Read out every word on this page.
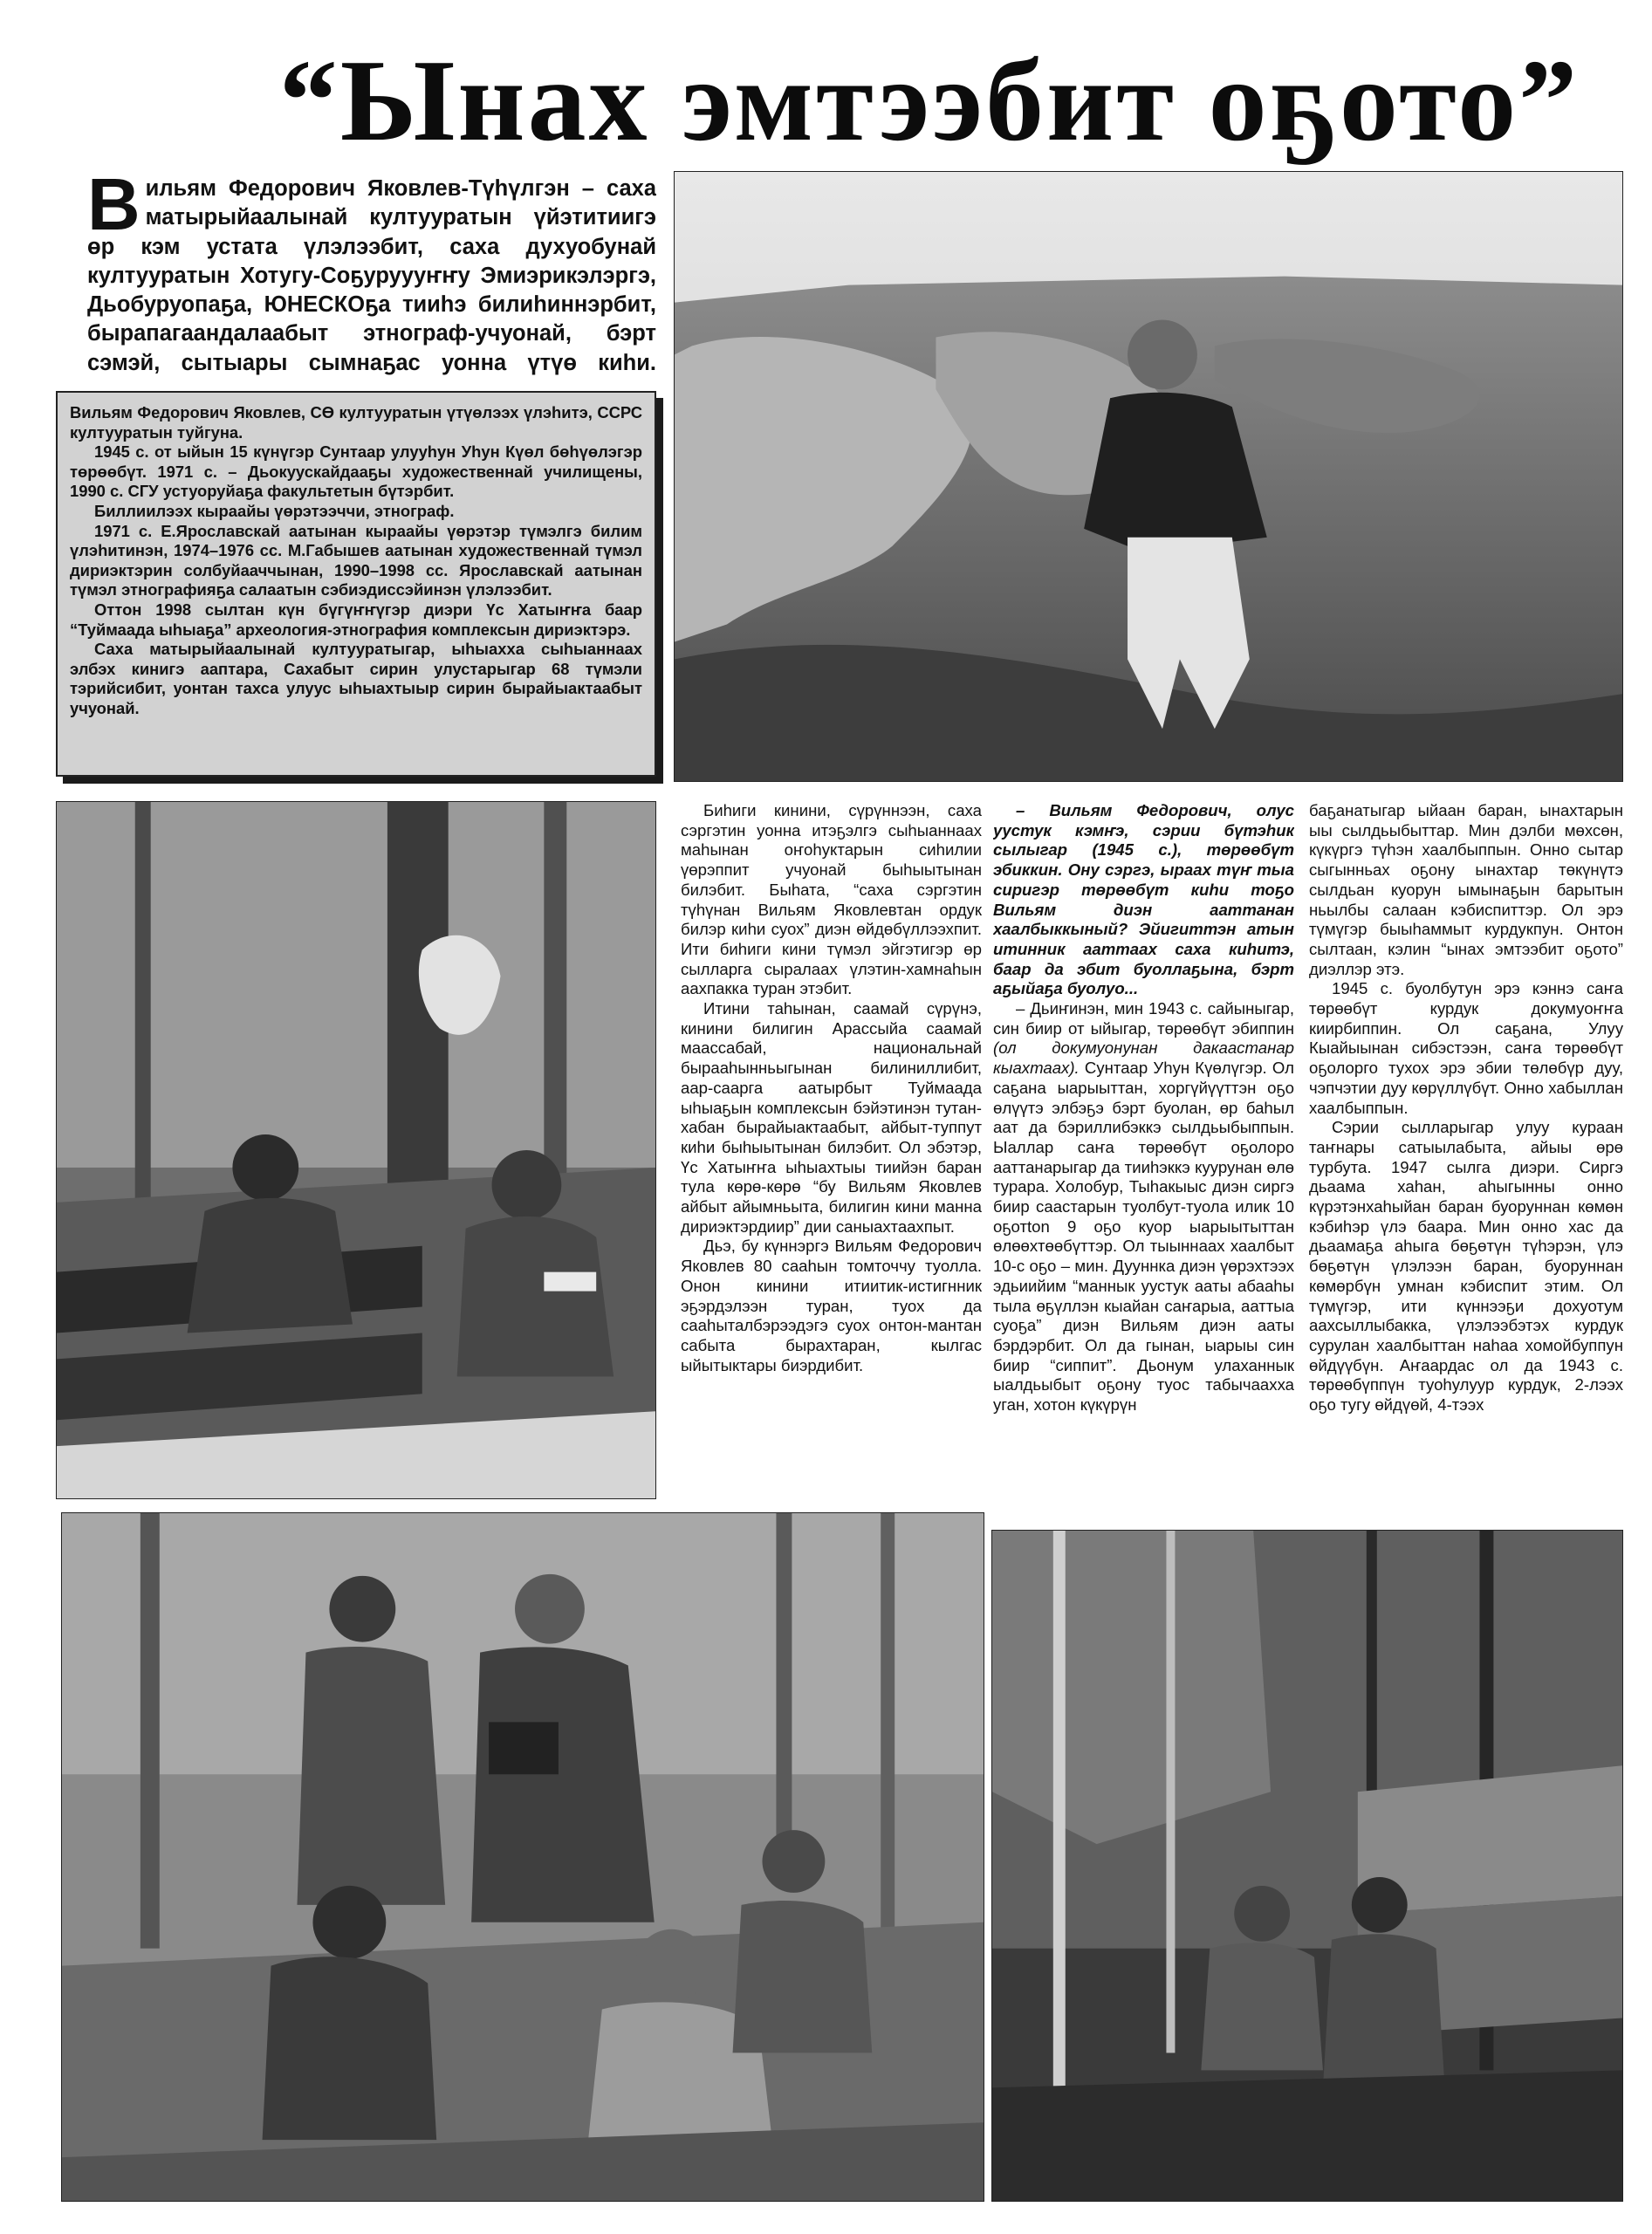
“Ынах эмтээбит оҕото”
Вильям Федорович Яковлев-Түһүлгэн – саха матырыйаалынай култууратын үйэтитиигэ өр кэм устата үлэлээбит, саха духуобунай култууратын Хотугу-Соҕуруууҥҥу Эмиэрикэлэргэ, Дьобуруопаҕа, ЮНЕСКОҕа тииһэ билиһиннэрбит, бырапагаандалаабыт этнограф-учуонай, бэрт сэмэй, сытыары сымнаҕас уонна үтүө киһи.

Вильям Федорович Яковлев, СӨ култууратын үтүөлээх үлэһитэ, ССРС култууратын туйгуна.

1945 с. от ыйын 15 күнүгэр Сунтаар улууһун Уһун Күөл бөһүөлэгэр төрөөбүт. 1971 с. – Дьокуускайдааҕы художественнай училищены, 1990 с. СГУ устуоруйаҕа факультетын бүтэрбит.

Биллиилээх кыраайы үөрэтээччи, этнограф.

1971 с. Е.Ярославскай аатынан кыраайы үөрэтэр түмэлгэ билим үлэһитинэн, 1974–1976 сс. М.Габышев аатынан художественнай түмэл дириэктэрин солбуйааччынан, 1990–1998 сс. Ярославскай аатынан түмэл этнографияҕа салаатын сэбиэдиссэйинэн үлэлээбит.

Оттон 1998 сылтан күн бүгүҥҥүгэр диэри Үс Хатыҥҥа баар “Туймаада ыһыаҕа” археология-этнография комплексын дириэктэрэ.

Саха матырыйаалынай култууратыгар, ыһыахха сыһыаннаах элбэх кинигэ ааптара, Сахабыт сирин улустарыгар 68 түмэли тэрийсибит, уонтан тахса улуус ыһыахтыыр сирин бырайыактаабыт учуонай.

Биһиги кинини, сүрүннээн, саха сэргэтин уонна итэҕэлгэ сыһыаннаах маһынан оҥоһуктарын сиһилии үөрэппит учуонай быһыытынан билэбит. Быһата, “саха сэргэтин түһүнан Вильям Яковлевтан ордук билэр киһи суох” диэн өйдөбүллээхпит. Ити биһиги кини түмэл эйгэтигэр өр сылларга сыралаах үлэтин-хамнаһын аахпакка туран этэбит.

Итини таһынан, саамай сүрүнэ, кинини билигин Арассыйа саамай маассабай, национальнай бырааһынньыгынан билиниллибит, аар-саарга аатырбыт Туймаада ыһыаҕын комплексын бэйэтинэн тутан-хабан бырайыактаабыт, айбыт-туппут киһи быһыытынан билэбит. Ол эбэтэр, Үс Хатыҥҥа ыһыахтыы тиийэн баран тула көрө-көрө “бу Вильям Яковлев айбыт айымньыта, билигин кини манна дириэктэрдиир” дии саныахтаахпыт.

Дьэ, бу күннэргэ Вильям Федорович Яковлев 80 сааһын томточчу туолла. Онон кинини итиитик-истигнник эҕэрдэлээн туран, туох да сааһыталбэрээдэгэ суох онтон-мантан сабыта бырахтаран, кылгас ыйытыктары биэрдибит.

– Вильям Федорович, олус уустук кэмҥэ, сэрии бүтэһик сылыгар (1945 с.), төрөөбүт эбиккин. Ону сэргэ, ыраах түҥ тыа сиригэр төрөөбүт киһи тоҕо Вильям диэн ааттанан хаалбыккыный? Эйигиттэн атын итинник ааттаах саха киһитэ, баар да эбит буоллаҕына, бэрт аҕыйаҕа буолуо...

– Дьиҥинэн, мин 1943 с. сайыныгар, син биир от ыйыгар, төрөөбүт эбиппин (ол докумуонунан дакаастанар кыахтаах). Сунтаар Уһун Күөлүгэр. Ол саҕана ыарыыттан, хоргүйүүттэн оҕо өлүүтэ элбэҕэ бэрт буолан, өр баһыл аат да бэриллибэккэ сылдьыбыппын. Ыаллар саҥа төрөөбүт оҕолоро ааттанарыгар да тииһэккэ куурунан өлө турара. Холобур, Тыһакыыс диэн сиргэ биир саастарын туолбут-туола илик 10 оҕотton 9 оҕо куор ыарыытыттан өлөөхтөөбүттэр. Ол тыыннаах хаалбыт 10-с оҕо – мин. Дууннка диэн үөрэхтээх эдьиийим “маннык уустук ааты абааһы тыла өҕүллэн кыайан саҥарыа, ааттыа суоҕа” диэн Вильям диэн ааты бэрдэрбит. Ол да гынан, ыарыы син биир “сиппит”. Дьонум улаханнык ыалдьыбыт оҕону туос табычаахха уган, хотон күкүрүн

баҕанатыгар ыйаан баран, ынахтарын ыы сылдьыбыттар. Мин дэлби мөхсөн, күкүргэ түһэн хаалбыппын. Онно сытар сыгынньах оҕону ынахтар төкүнүтэ сылдьан куорун ымынаҕын барытын ньылбы салаан кэбиспиттэр. Ол эрэ түмүгэр быыһаммыт курдукпун. Онтон сылтаан, кэлин “ынах эмтээбит оҕото” диэллэр этэ.

1945 с. буолбутун эрэ кэннэ саҥа төрөөбүт курдук докумуоҥҥа киирбиппин. Ол саҕана, Улуу Кыайыынан сибэстээн, саҥа төрөөбүт оҕолорго тухох эрэ эбии төлөбүр дуу, чэпчэтии дуу көрүллүбүт. Онно хабыллан хаалбыппын.

Сэрии сылларыгар улуу кураан таҥнары сатыылабыта, айыы өрө турбута. 1947 сылга диэри. Сиргэ дьаама хаһан, аһыгынны онно күрэтэнхаһыйан баран буоруннан көмөн кэбиһэр үлэ баара. Мин онно хас да дьаамаҕа аһыгa бөҕөтүн түһэрэн, үлэ бөҕөтүн үлэлээн баран, буоруннан көмөрбүн умнан кэбиспит этим. Ол түмүгэр, ити күннээҕи дохуотум аахсыллыбакка, үлэлээбэтэх курдук сурулан хаалбыттан наһаа хомойбуппун өйдүүбүн. Аҥаардас ол да 1943 с. төрөөбүппүн туоһулуур курдук, 2-лээх оҕо тугу өйдүөй, 4-тээх
